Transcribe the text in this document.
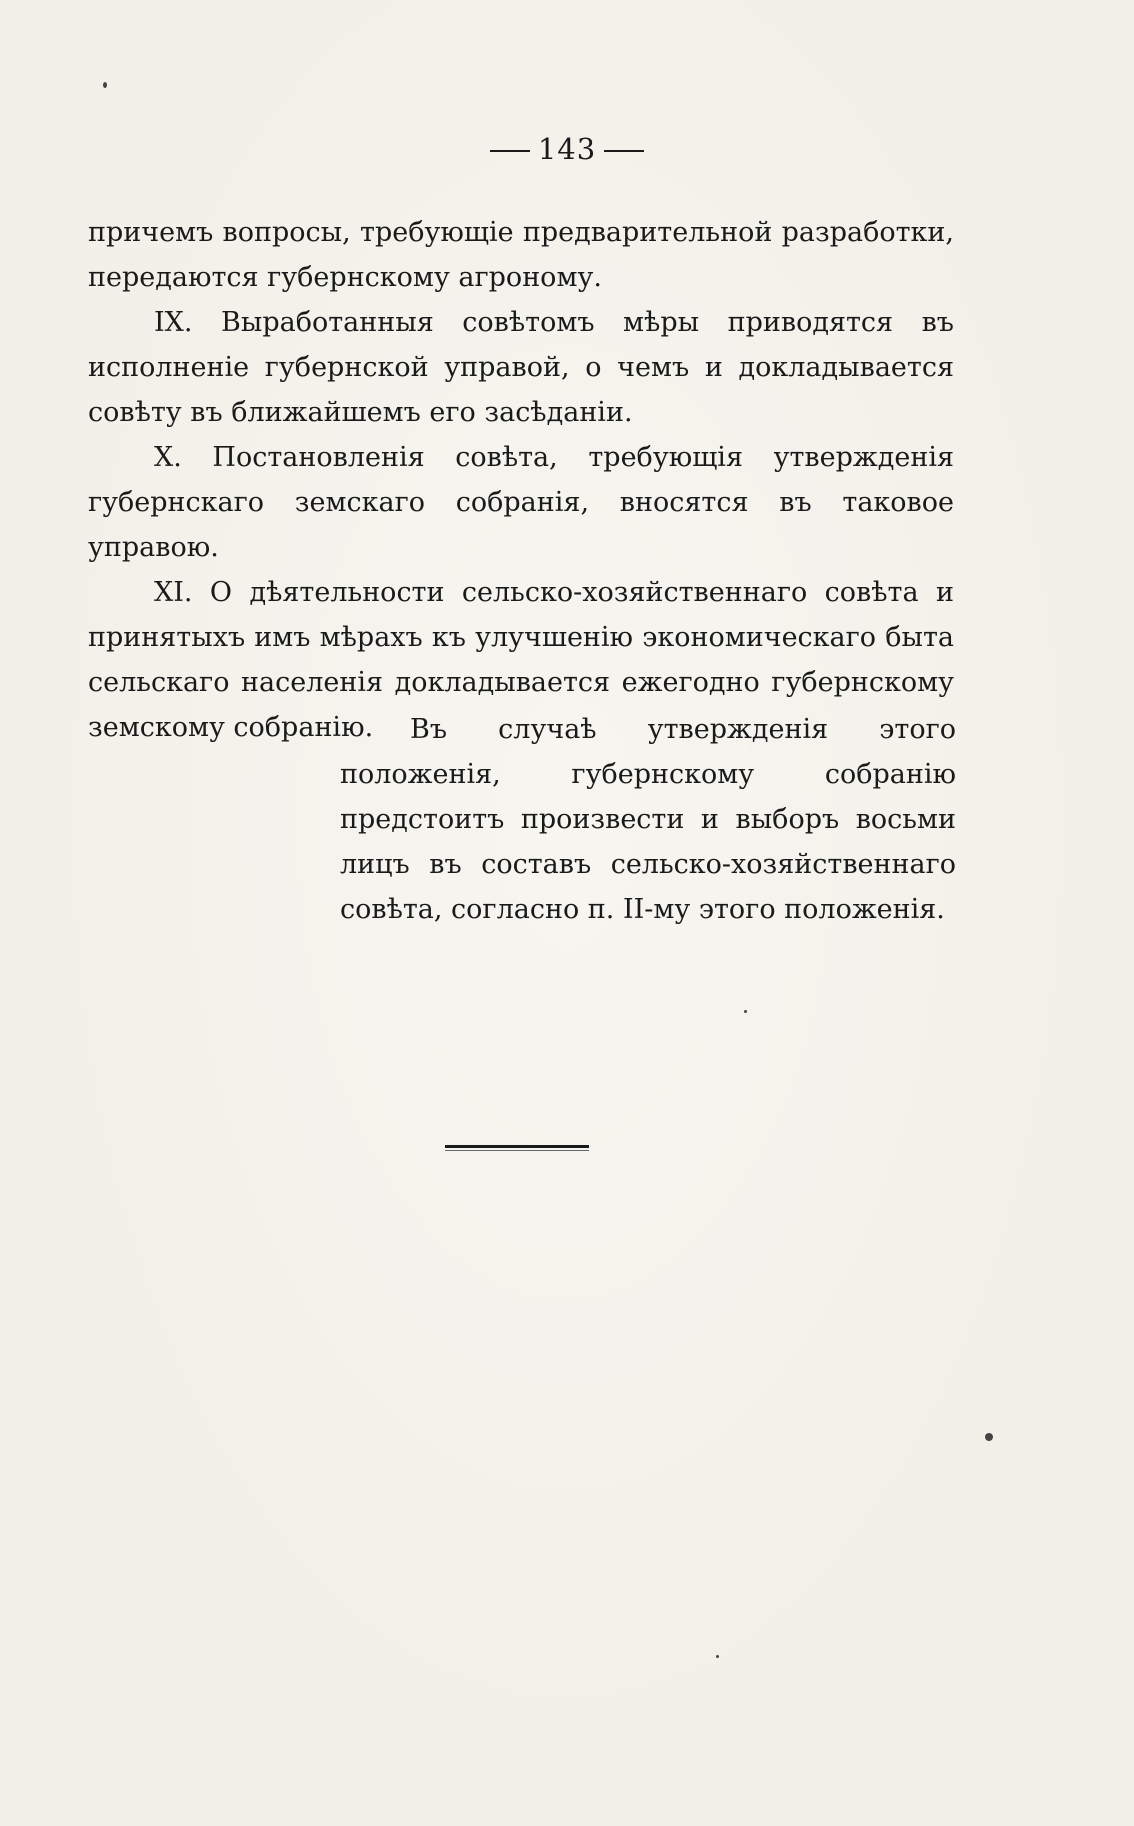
143

причемъ вопросы, требующіе предварительной разработки, передаются губернскому агроному.

IX. Выработанныя совѣтомъ мѣры приводятся въ исполненіе губернской управой, о чемъ и докладывается совѣту въ ближайшемъ его засѣданіи.

X. Постановленія совѣта, требующія утвержденія губернскаго земскаго собранія, вносятся въ таковое управою.

XI. О дѣятельности сельско-хозяйственнаго совѣта и принятыхъ имъ мѣрахъ къ улучшенію экономическаго быта сельскаго населенія докладывается ежегодно губернскому земскому собранію.	Въ случаѣ утвержденія этого положенія, губернскому собранію предстоитъ произвести и выборъ восьми лицъ въ составъ сельско-хозяйственнаго совѣта, согласно п. II-му этого положенія.
